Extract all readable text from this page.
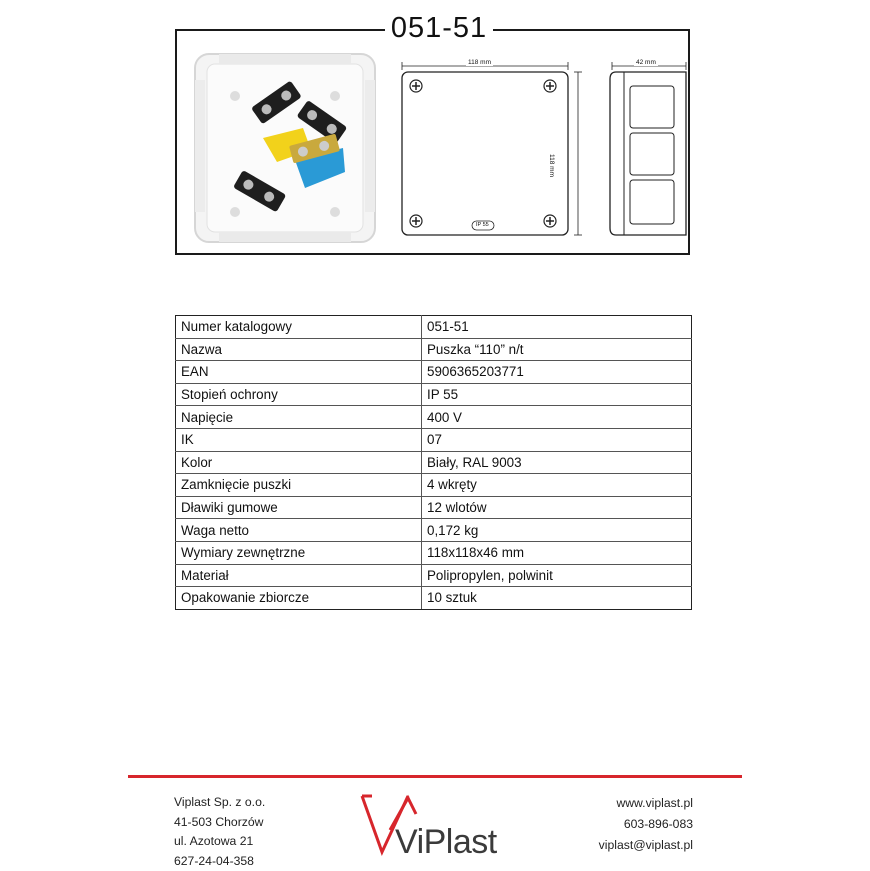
051-51
118 mm
IP 55
118 mm
42 mm
Numer katalogowy	051-51
Nazwa	Puszka “110” n/t
EAN	5906365203771
Stopień ochrony	IP 55
Napięcie	400 V
IK	07
Kolor	Biały, RAL 9003
Zamknięcie puszki	4 wkręty
Dławiki gumowe	12 wlotów
Waga netto	0,172 kg
Wymiary zewnętrzne	118x118x46 mm
Materiał	Polipropylen, polwinit
Opakowanie zbiorcze	10 sztuk
Viplast Sp. z o.o.
41-503 Chorzów
ul. Azotowa 21
627-24-04-358	ViPlast
www.viplast.pl
603-896-083
viplast@viplast.pl
